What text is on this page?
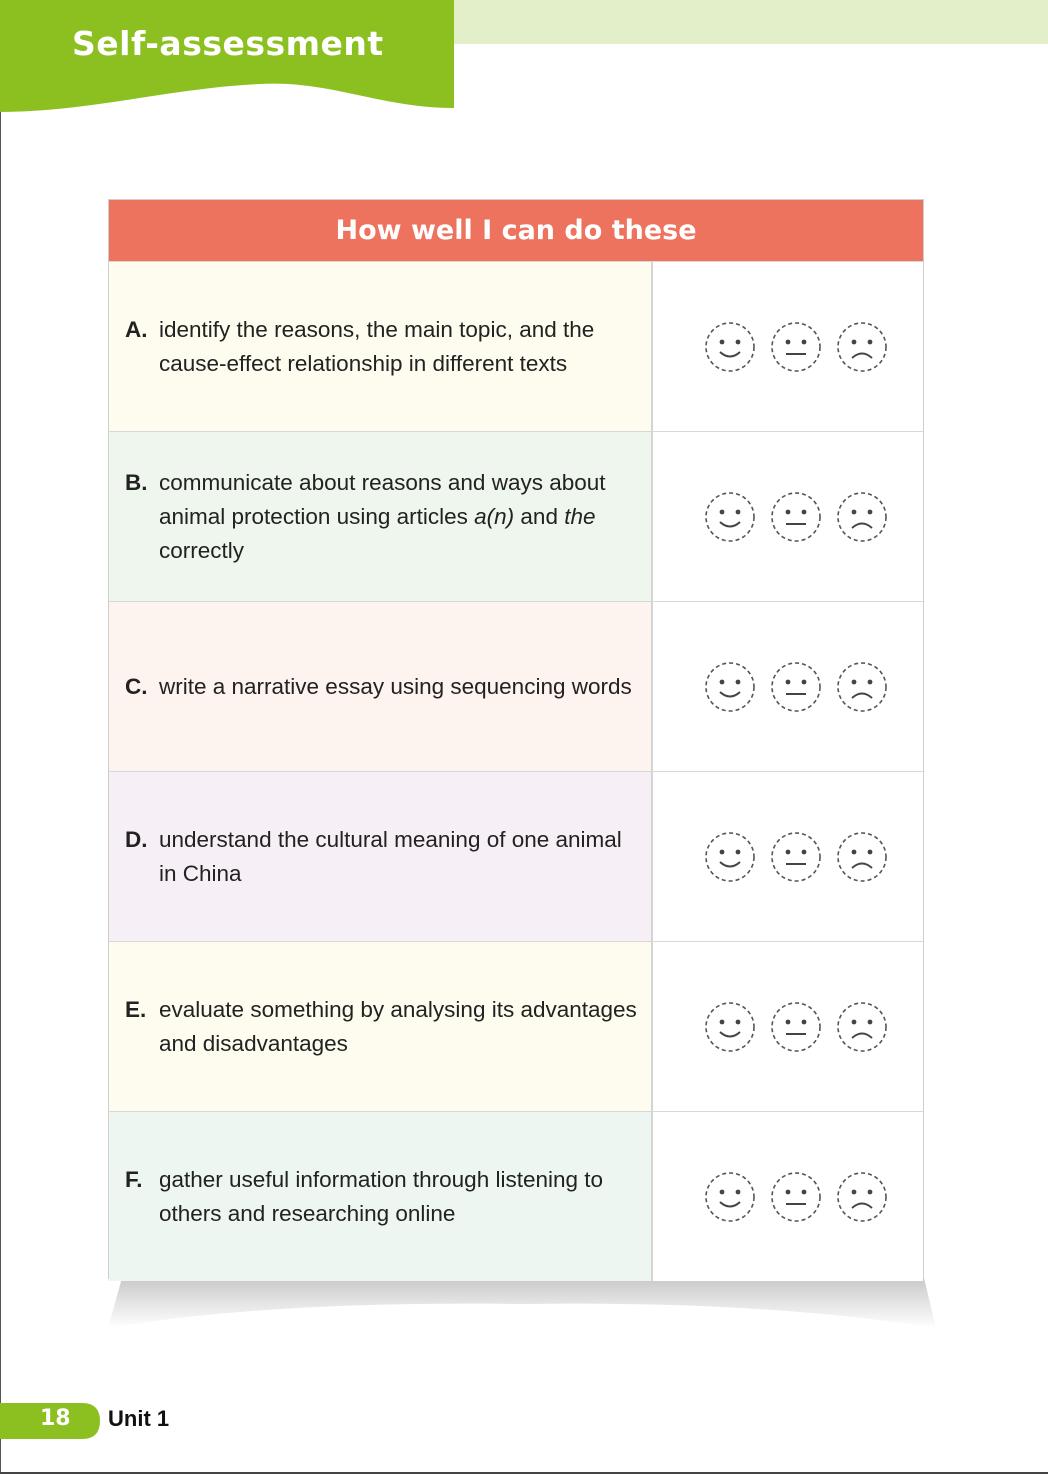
Self-assessment
How well I can do these
A. identify the reasons, the main topic, and the cause-effect relationship in different texts
B. communicate about reasons and ways about animal protection using articles a(n) and the correctly
C. write a narrative essay using sequencing words
D. understand the cultural meaning of one animal in China
E. evaluate something by analysing its advantages and disadvantages
F. gather useful information through listening to others and researching online
18 Unit 1
